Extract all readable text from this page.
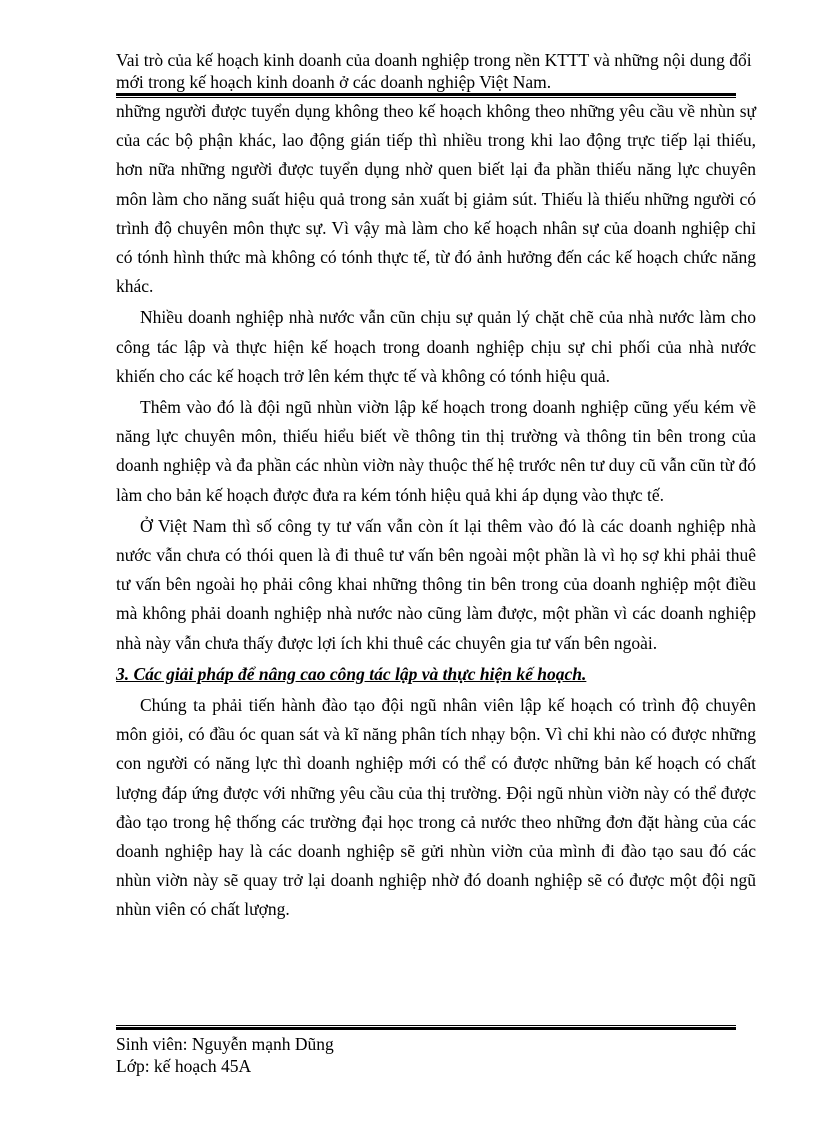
Vai trò của kế hoạch kinh doanh của doanh nghiệp trong nền KTTT và những nội dung đổi mới trong kế hoạch kinh doanh ở các doanh nghiệp Việt Nam.

những người được tuyển dụng không theo kế hoạch không theo những yêu cầu về nhùn sự của các bộ phận khác, lao động gián tiếp thì nhiều trong khi lao động trực tiếp lại thiếu, hơn nữa những người được tuyển dụng nhờ quen biết lại đa phần thiếu năng lực chuyên môn làm cho năng suất hiệu quả trong sản xuất bị giảm sút. Thiếu là thiếu những người có trình độ chuyên môn thực sự. Vì vậy mà làm cho kế hoạch nhân sự của doanh nghiệp chỉ có tónh hình thức mà không có tónh thực tế, từ đó ảnh hưởng đến các kế hoạch chức năng khác.

Nhiều doanh nghiệp nhà nước vẫn cũn chịu sự quản lý chặt chẽ của nhà nước làm cho công tác lập và thực hiện kế hoạch trong doanh nghiệp chịu sự chi phối của nhà nước khiến cho các kế hoạch trở lên kém thực tế và không có tónh hiệu quả.

Thêm vào đó là đội ngũ nhùn viờn lập kế hoạch trong doanh nghiệp cũng yếu kém về năng lực chuyên môn, thiếu hiểu biết về thông tin thị trường và thông tin bên trong của doanh nghiệp và đa phần các nhùn viờn này thuộc thế hệ trước nên tư duy cũ vẫn cũn từ đó làm cho bản kế hoạch được đưa ra kém tónh hiệu quả khi áp dụng vào thực tế.

Ở Việt Nam thì số công ty tư vấn vẫn còn ít lại thêm vào đó là các doanh nghiệp nhà nước vẫn chưa có thói quen là đi thuê tư vấn bên ngoài một phần là vì họ sợ khi phải thuê tư vấn bên ngoài họ phải công khai những thông tin bên trong của doanh nghiệp một điều mà không phải doanh nghiệp nhà nước nào cũng làm được, một phần vì các doanh nghiệp nhà này vẫn chưa thấy được lợi ích khi thuê các chuyên gia tư vấn bên ngoài.

3. Các giải pháp để nâng cao công tác lập và thực hiện kế hoạch.

Chúng ta phải tiến hành đào tạo đội ngũ nhân viên lập kế hoạch có trình độ chuyên môn giỏi, có đầu óc quan sát và kĩ năng phân tích nhạy bộn. Vì chỉ khi nào có được những con người có năng lực thì doanh nghiệp mới có thể có được những bản kế hoạch có chất lượng đáp ứng được với những yêu cầu của thị trường. Đội ngũ nhùn viờn này có thể được đào tạo trong hệ thống các trường đại học trong cả nước theo những đơn đặt hàng của các doanh nghiệp hay là các doanh nghiệp sẽ gửi nhùn viờn của mình đi đào tạo sau đó các nhùn viờn này sẽ quay trở lại doanh nghiệp nhờ đó doanh nghiệp sẽ có được một đội ngũ nhùn viên có chất lượng.

Sinh viên: Nguyễn mạnh Dũng
Lớp: kế hoạch 45A
